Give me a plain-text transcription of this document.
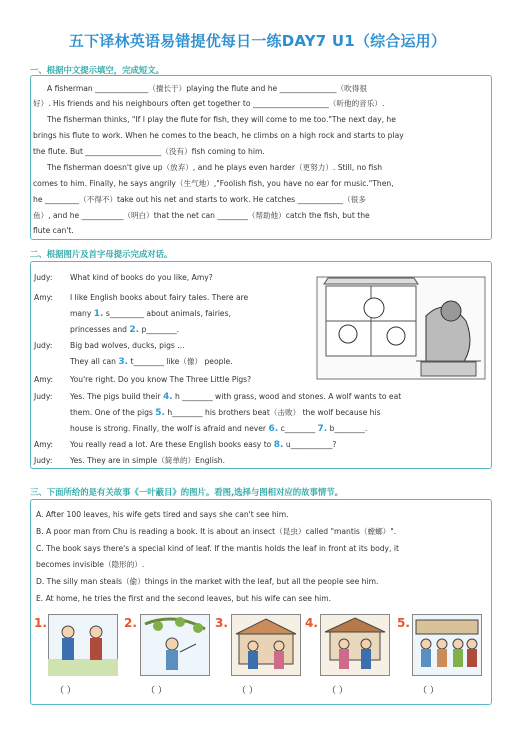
五下译林英语易错提优每日一练DAY7 U1（综合运用）
一、根据中文提示填空，完成短文。
A fisherman ______________（擅长于）playing the flute and he _______________（吹得很
好）. His friends and his neighbours often get together to ____________________（听他的音乐）.
The fisherman thinks, "If I play the flute for fish, they will come to me too."The next day, he
brings his flute to work. When he comes to the beach, he climbs on a high rock and starts to play
the flute. But ____________________（没有）fish coming to him.
The fisherman doesn't give up（放弃）, and he plays even harder（更努力）. Still, no fish
comes to him. Finally, he says angrily（生气地）,"Foolish fish, you have no ear for music."Then,
he _________（不得不）take out his net and starts to work. He catches ____________（很多
鱼）, and he ___________（明白）that the net can ________（帮助他）catch the fish, but the
flute can't.
二、根据图片及首字母提示完成对话。
Judy: What kind of books do you like, Amy?
Amy: I like English books about fairy tales. There are
many 1. s_________ about animals, fairies,
princesses and 2. p________.
Judy: Big bad wolves, ducks, pigs ...
They all can 3. t________ like（像） people.
Amy: You're right. Do you know The Three Little Pigs?
Judy: Yes. The pigs build their 4. h ________ with grass, wood and stones. A wolf wants to eat
them. One of the pigs 5. h________ his brothers beat（击败） the wolf because his
house is strong. Finally, the wolf is afraid and never 6. c________ 7. b________.
Amy: You really read a lot. Are these English books easy to 8. u___________?
Judy: Yes. They are in simple（简单的）English.
三、下面所给的是有关故事《一叶蔽目》的图片。看图,选择与图相对应的故事情节。
A. After 100 leaves, his wife gets tired and says she can't see him.
B. A poor man from Chu is reading a book. It is about an insect（昆虫）called "mantis（螳螂）".
C. The book says there's a special kind of leaf. If the mantis holds the leaf in front at its body, it
becomes invisible（隐形的）.
D. The silly man steals（偷）things in the market with the leaf, but all the people see him.
E. At home, he tries the first and the second leaves, but his wife can see him.
1.	2.	3.	4.	5.
（ ）	（ ）	（ ）	（ ）	（ ）
